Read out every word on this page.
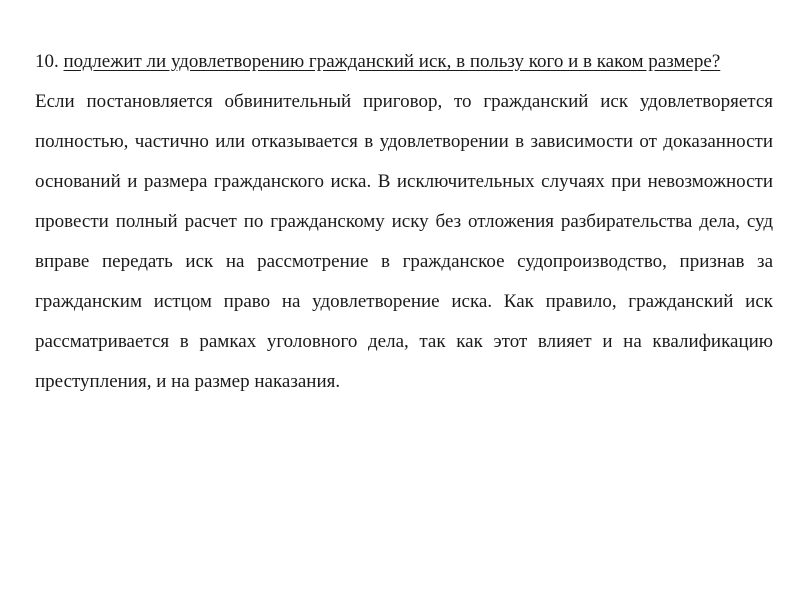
10. подлежит ли удовлетворению гражданский иск, в пользу кого и в каком размере?

Если постановляется обвинительный приговор, то гражданский иск удовлетворяется полностью, частично или отказывается в удовлетворении в зависимости от доказанности оснований и размера гражданского иска. В исключительных случаях при невозможности провести полный расчет по гражданскому иску без отложения разбирательства дела, суд вправе передать иск на рассмотрение в гражданское судопроизводство, признав за гражданским истцом право на удовлетворение иска. Как правило, гражданский иск рассматривается в рамках уголовного дела, так как этот влияет и на квалификацию преступления, и на размер наказания.
